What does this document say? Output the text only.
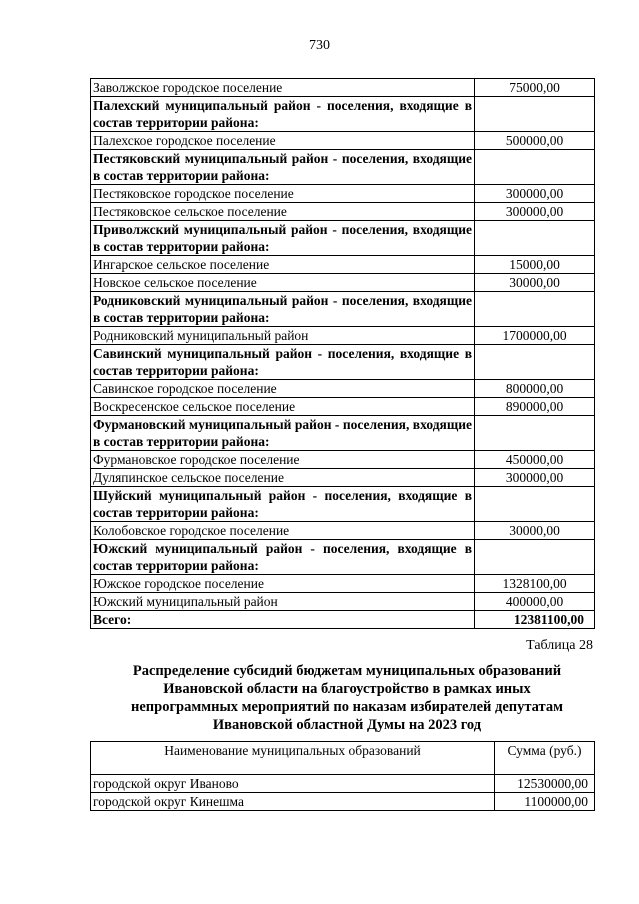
730
Заволжское городское поселение	75000,00
Палехский муниципальный район - поселения, входящие в состав территории района:	
Палехское городское поселение	500000,00
Пестяковский муниципальный район - поселения, входящие в состав территории района:	
Пестяковское городское поселение	300000,00
Пестяковское сельское поселение	300000,00
Приволжский муниципальный район - поселения, входящие в состав территории района:	
Ингарское сельское поселение	15000,00
Новское сельское поселение	30000,00
Родниковский муниципальный район - поселения, входящие в состав территории района:	
Родниковский муниципальный район	1700000,00
Савинский муниципальный район - поселения, входящие в состав территории района:	
Савинское городское поселение	800000,00
Воскресенское сельское поселение	890000,00
Фурмановский муниципальный район - поселения, входящие в состав территории района:	
Фурмановское городское поселение	450000,00
Дуляпинское сельское поселение	300000,00
Шуйский муниципальный район - поселения, входящие в состав территории района:	
Колобовское городское поселение	30000,00
Южский муниципальный район - поселения, входящие в состав территории района:	
Южское городское поселение	1328100,00
Южский муниципальный район	400000,00
Всего:	12381100,00
Таблица 28
Распределение субсидий бюджетам муниципальных образований Ивановской области на благоустройство в рамках иных непрограммных мероприятий по наказам избирателей депутатам Ивановской областной Думы на 2023 год
Наименование муниципальных образований	Сумма (руб.)
городской округ Иваново	12530000,00
городской округ Кинешма	1100000,00
